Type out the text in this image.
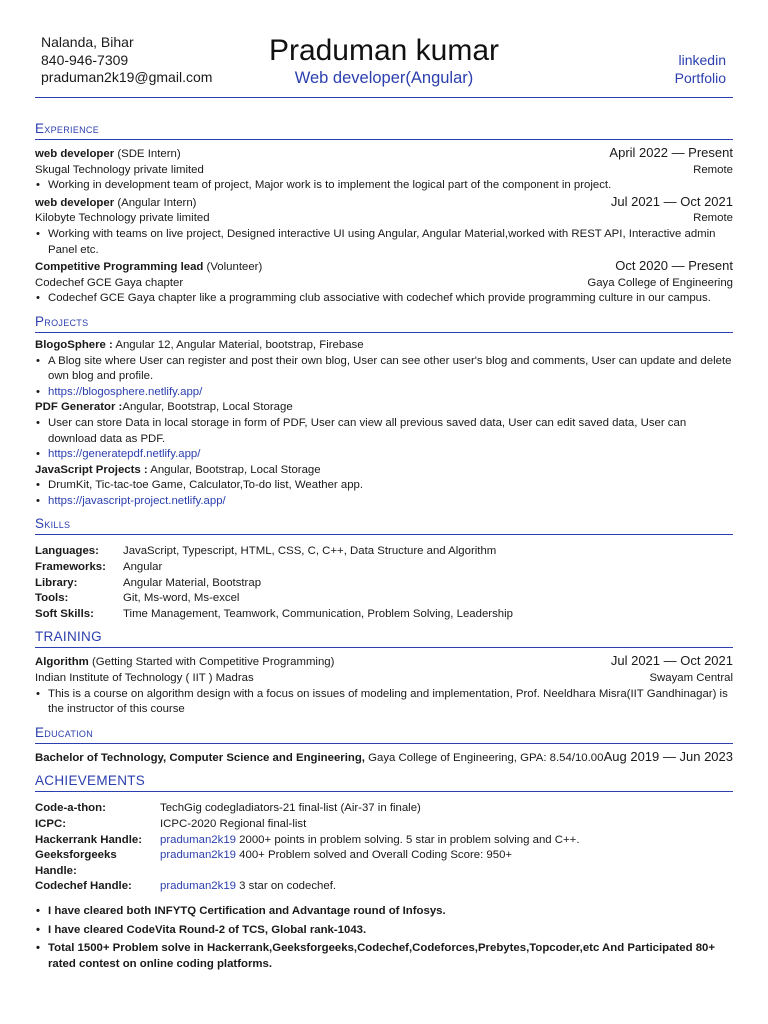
Nalanda, Bihar
840-946-7309
praduman2k19@gmail.com
Praduman kumar
Web developer(Angular)
linkedin
Portfolio
Experience
web developer (SDE Intern)	April 2022 — Present
Skugal Technology private limited	Remote
• Working in development team of project, Major work is to implement the logical part of the component in project.
web developer (Angular Intern)	Jul 2021 — Oct 2021
Kilobyte Technology private limited	Remote
• Working with teams on live project, Designed interactive UI using Angular, Angular Material,worked with REST API, Interactive admin Panel etc.
Competitive Programming lead (Volunteer)	Oct 2020 — Present
Codechef GCE Gaya chapter	Gaya College of Engineering
• Codechef GCE Gaya chapter like a programming club associative with codechef which provide programming culture in our campus.
Projects
BlogoSphere : Angular 12, Angular Material, bootstrap, Firebase
• A Blog site where User can register and post their own blog, User can see other user's blog and comments, User can update and delete own blog and profile.
• https://blogosphere.netlify.app/
PDF Generator :Angular, Bootstrap, Local Storage
• User can store Data in local storage in form of PDF, User can view all previous saved data, User can edit saved data, User can download data as PDF.
• https://generatepdf.netlify.app/
JavaScript Projects : Angular, Bootstrap, Local Storage
• DrumKit, Tic-tac-toe Game, Calculator,To-do list, Weather app.
• https://javascript-project.netlify.app/
Skills
Languages:	JavaScript, Typescript, HTML, CSS, C, C++, Data Structure and Algorithm
Frameworks:	Angular
Library:	Angular Material, Bootstrap
Tools:	Git, Ms-word, Ms-excel
Soft Skills:	Time Management, Teamwork, Communication, Problem Solving, Leadership
TRAINING
Algorithm (Getting Started with Competitive Programming)	Jul 2021 — Oct 2021
Indian Institute of Technology ( IIT ) Madras	Swayam Central
• This is a course on algorithm design with a focus on issues of modeling and implementation, Prof. Neeldhara Misra(IIT Gandhinagar) is the instructor of this course
Education
Bachelor of Technology, Computer Science and Engineering, Gaya College of Engineering, GPA: 8.54/10.00 Aug 2019 — Jun 2023
ACHIEVEMENTS
Code-a-thon:	TechGig codegladiators-21 final-list (Air-37 in finale)
ICPC:	ICPC-2020 Regional final-list
Hackerrank Handle:	praduman2k19 2000+ points in problem solving. 5 star in problem solving and C++.
Geeksforgeeks Handle:	praduman2k19 400+ Problem solved and Overall Coding Score: 950+
Codechef Handle:	praduman2k19 3 star on codechef.
• I have cleared both INFYTQ Certification and Advantage round of Infosys.
• I have cleared CodeVita Round-2 of TCS, Global rank-1043.
• Total 1500+ Problem solve in Hackerrank,Geeksforgeeks,Codechef,Codeforces,Prebytes,Topcoder,etc And Participated 80+ rated contest on online coding platforms.
